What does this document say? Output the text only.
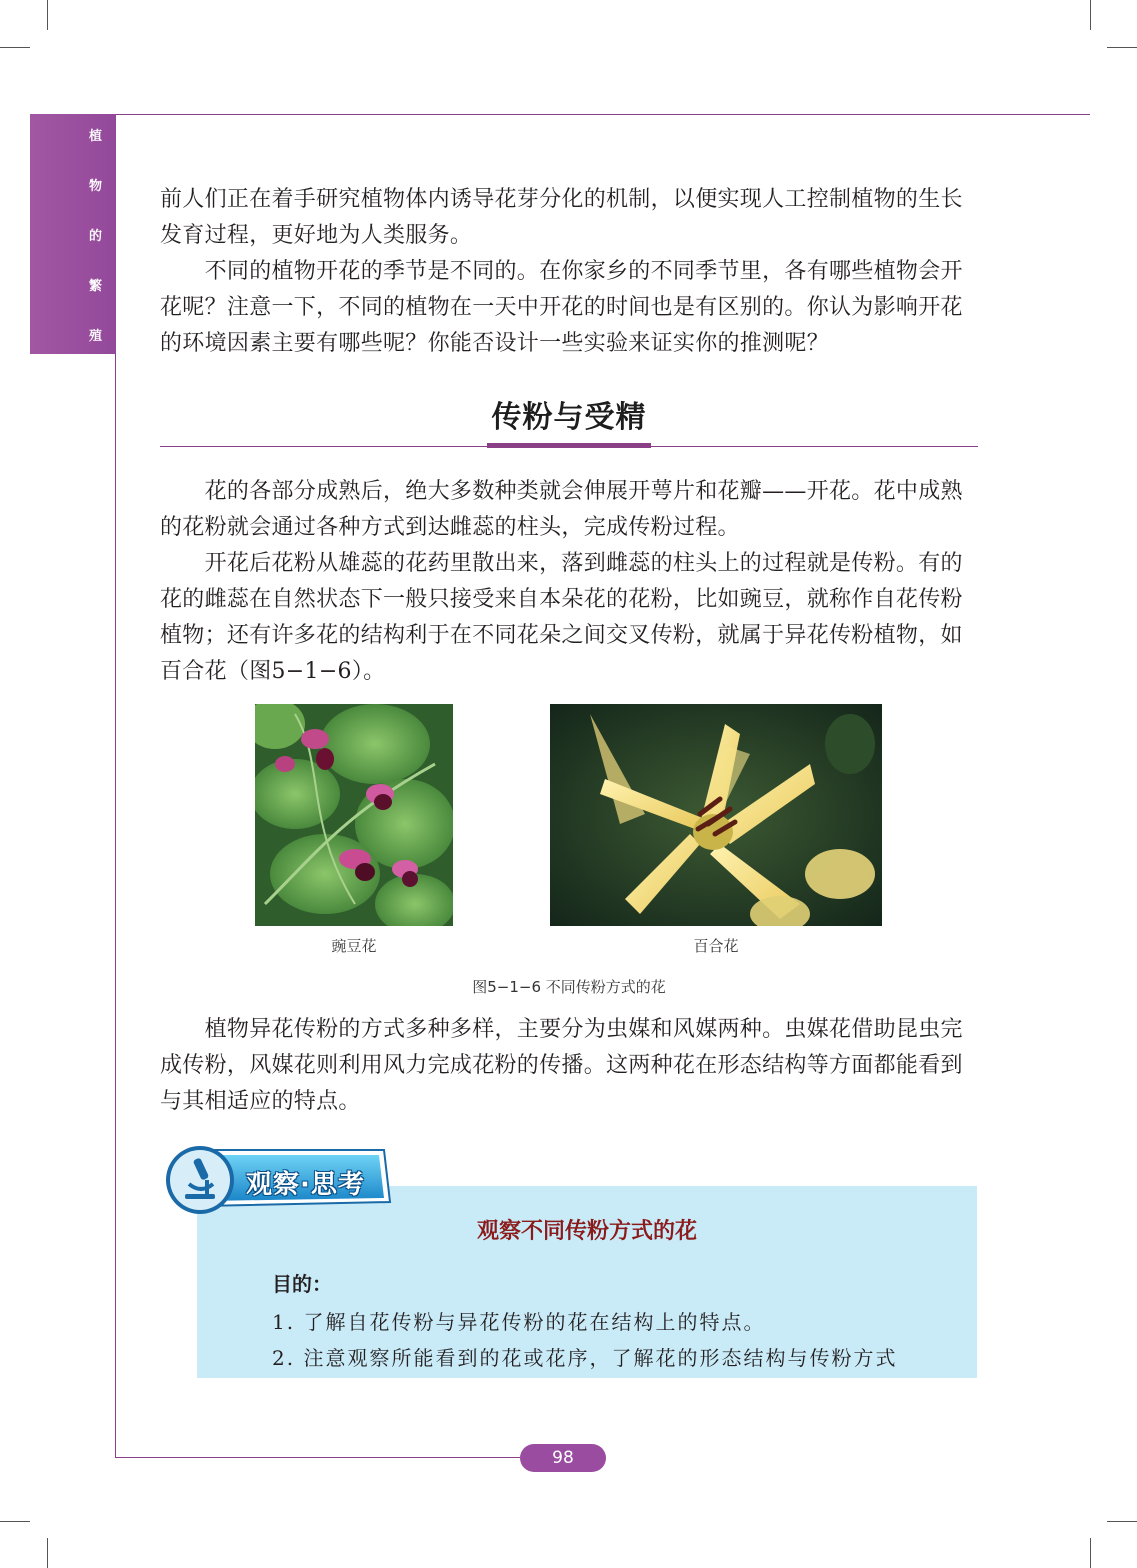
植
物
的
繁
殖

前人们正在着手研究植物体内诱导花芽分化的机制，以便实现人工控制植物的生长发育过程，更好地为人类服务。

　　不同的植物开花的季节是不同的。在你家乡的不同季节里，各有哪些植物会开花呢？注意一下，不同的植物在一天中开花的时间也是有区别的。你认为影响开花的环境因素主要有哪些呢？你能否设计一些实验来证实你的推测呢？

传粉与受精

　　花的各部分成熟后，绝大多数种类就会伸展开萼片和花瓣——开花。花中成熟的花粉就会通过各种方式到达雌蕊的柱头，完成传粉过程。

　　开花后花粉从雄蕊的花药里散出来，落到雌蕊的柱头上的过程就是传粉。有的花的雌蕊在自然状态下一般只接受来自本朵花的花粉，比如豌豆，就称作自花传粉植物；还有许多花的结构利于在不同花朵之间交叉传粉，就属于异花传粉植物，如百合花（图5−1−6）。

豌豆花	百合花
图5−1−6 不同传粉方式的花

　　植物异花传粉的方式多种多样，主要分为虫媒和风媒两种。虫媒花借助昆虫完成传粉，风媒花则利用风力完成花粉的传播。这两种花在形态结构等方面都能看到与其相适应的特点。

观察·思考
观察不同传粉方式的花
目的：
1. 了解自花传粉与异花传粉的花在结构上的特点。
2. 注意观察所能看到的花或花序，了解花的形态结构与传粉方式
98
